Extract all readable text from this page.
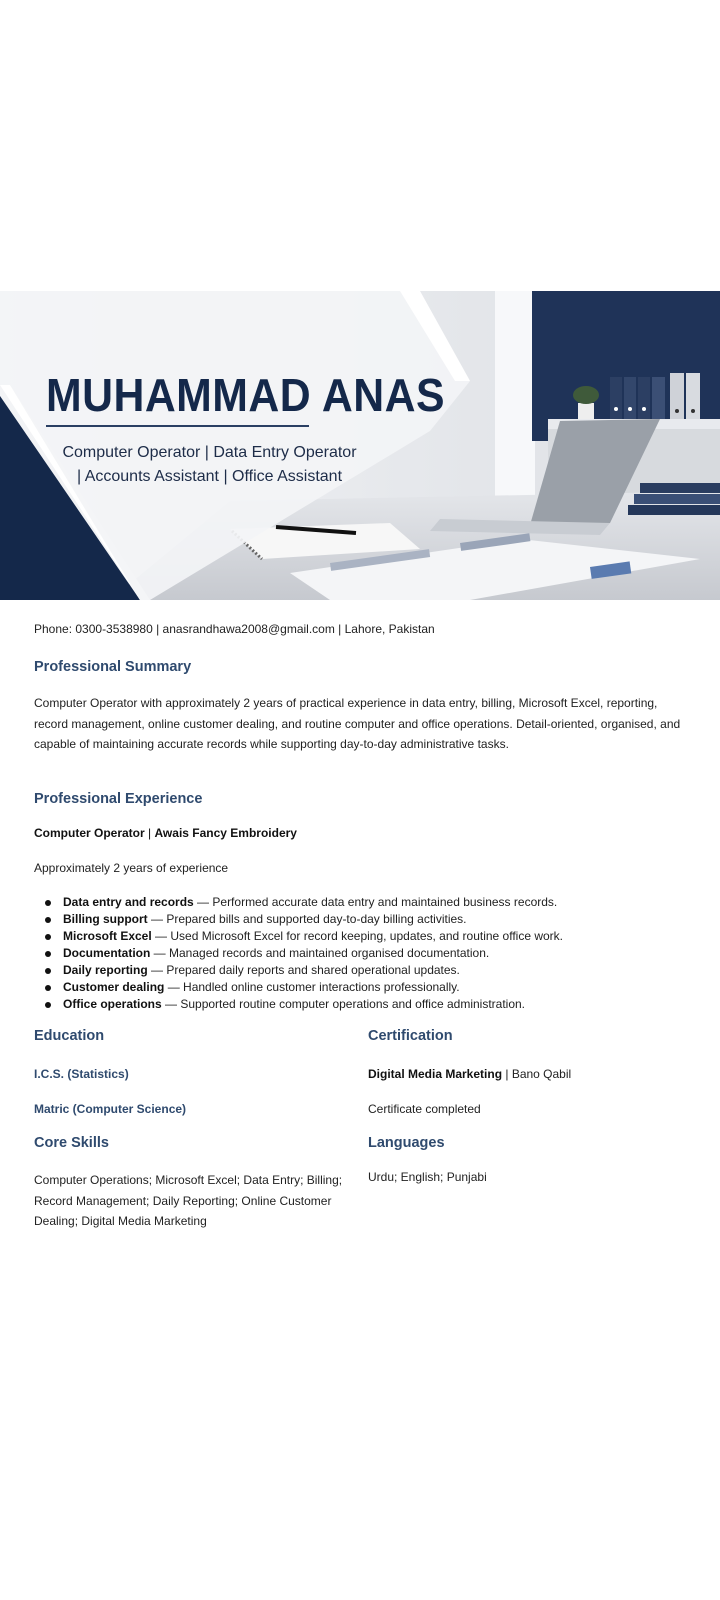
MUHAMMAD ANAS
Computer Operator | Data Entry Operator
| Accounts Assistant | Office Assistant
Phone: 0300-3538980 | anasrandhawa2008@gmail.com | Lahore, Pakistan
Professional Summary

Computer Operator with approximately 2 years of practical experience in data entry, billing, Microsoft Excel, reporting, record management, online customer dealing, and routine computer and office operations. Detail-oriented, organised, and capable of maintaining accurate records while supporting day-to-day administrative tasks.

Professional Experience
Computer Operator | Awais Fancy Embroidery
Approximately 2 years of experience
Data entry and records — Performed accurate data entry and maintained business records.
Billing support — Prepared bills and supported day-to-day billing activities.
Microsoft Excel — Used Microsoft Excel for record keeping, updates, and routine office work.
Documentation — Managed records and maintained organised documentation.
Daily reporting — Prepared daily reports and shared operational updates.
Customer dealing — Handled online customer interactions professionally.
Office operations — Supported routine computer operations and office administration.
Education	Certification
I.C.S. (Statistics)
Matric (Computer Science)
Digital Media Marketing | Bano Qabil
Certificate completed
Core Skills	Languages
Computer Operations; Microsoft Excel; Data Entry; Billing; Record Management; Daily Reporting; Online Customer Dealing; Digital Media Marketing
Urdu; English; Punjabi
